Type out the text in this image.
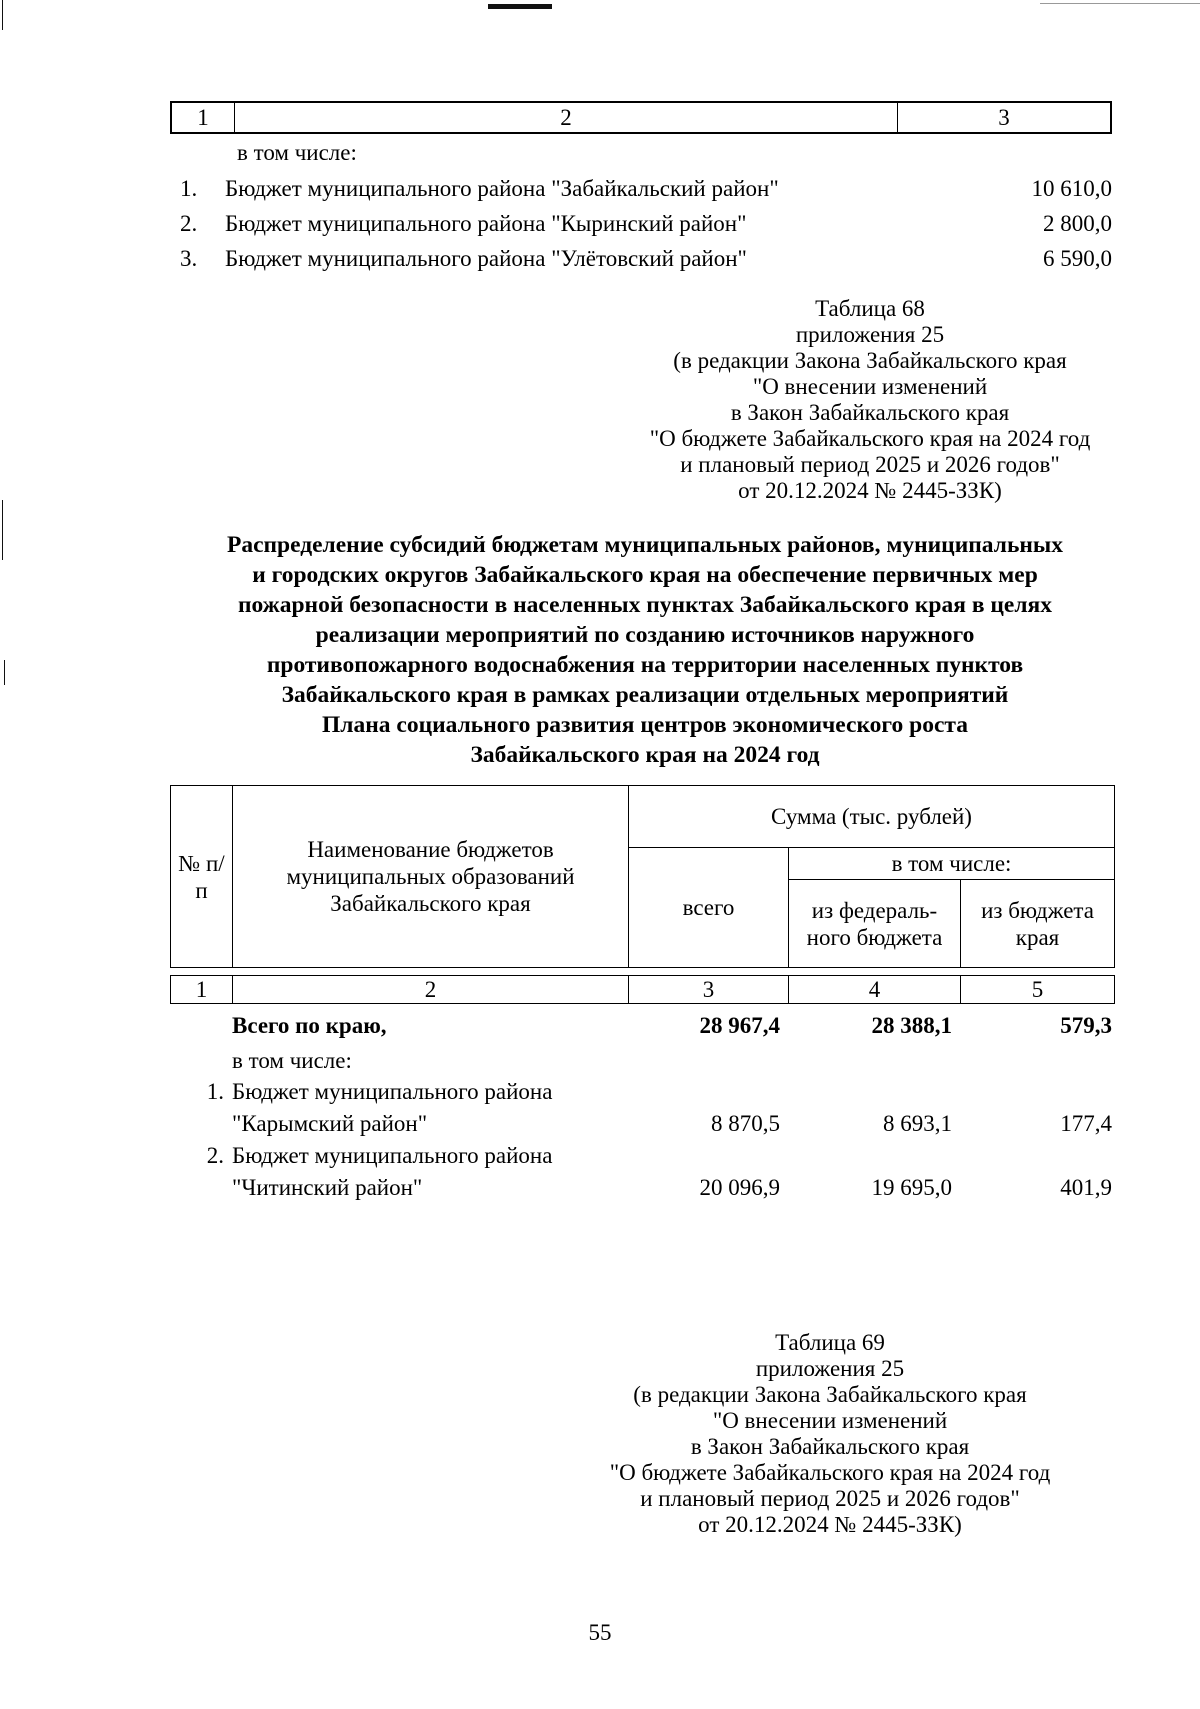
1	2	3
в том числе:
1.	Бюджет муниципального района "Забайкальский район"	10 610,0
2.	Бюджет муниципального района "Кыринский район"	2 800,0
3.	Бюджет муниципального района "Улётовский район"	6 590,0
Таблица 68
приложения 25
(в редакции Закона Забайкальского края
"О внесении изменений
в Закон Забайкальского края
"О бюджете Забайкальского края на 2024 год
и плановый период 2025 и 2026 годов"
от 20.12.2024 № 2445-ЗЗК)
Распределение субсидий бюджетам муниципальных районов, муниципальных
и городских округов Забайкальского края на обеспечение первичных мер
пожарной безопасности в населенных пунктах Забайкальского края в целях
реализации мероприятий по созданию источников наружного
противопожарного водоснабжения на территории населенных пунктов
Забайкальского края в рамках реализации отдельных мероприятий
Плана социального развития центров экономического роста
Забайкальского края на 2024 год
№ п/п	Наименование бюджетов муниципальных образований Забайкальского края	Сумма (тыс. рублей)		
		всего	в том числе:	
			из федераль-ного бюджета	из бюджета края
1	2	3	4	5
Всего по краю,	28 967,4	28 388,1	579,3
в том числе:
1. Бюджет муниципального района
"Карымский район"	8 870,5	8 693,1	177,4
2. Бюджет муниципального района
"Читинский район"	20 096,9	19 695,0	401,9
Таблица 69
приложения 25
(в редакции Закона Забайкальского края
"О внесении изменений
в Закон Забайкальского края
"О бюджете Забайкальского края на 2024 год
и плановый период 2025 и 2026 годов"
от 20.12.2024 № 2445-ЗЗК)
55
